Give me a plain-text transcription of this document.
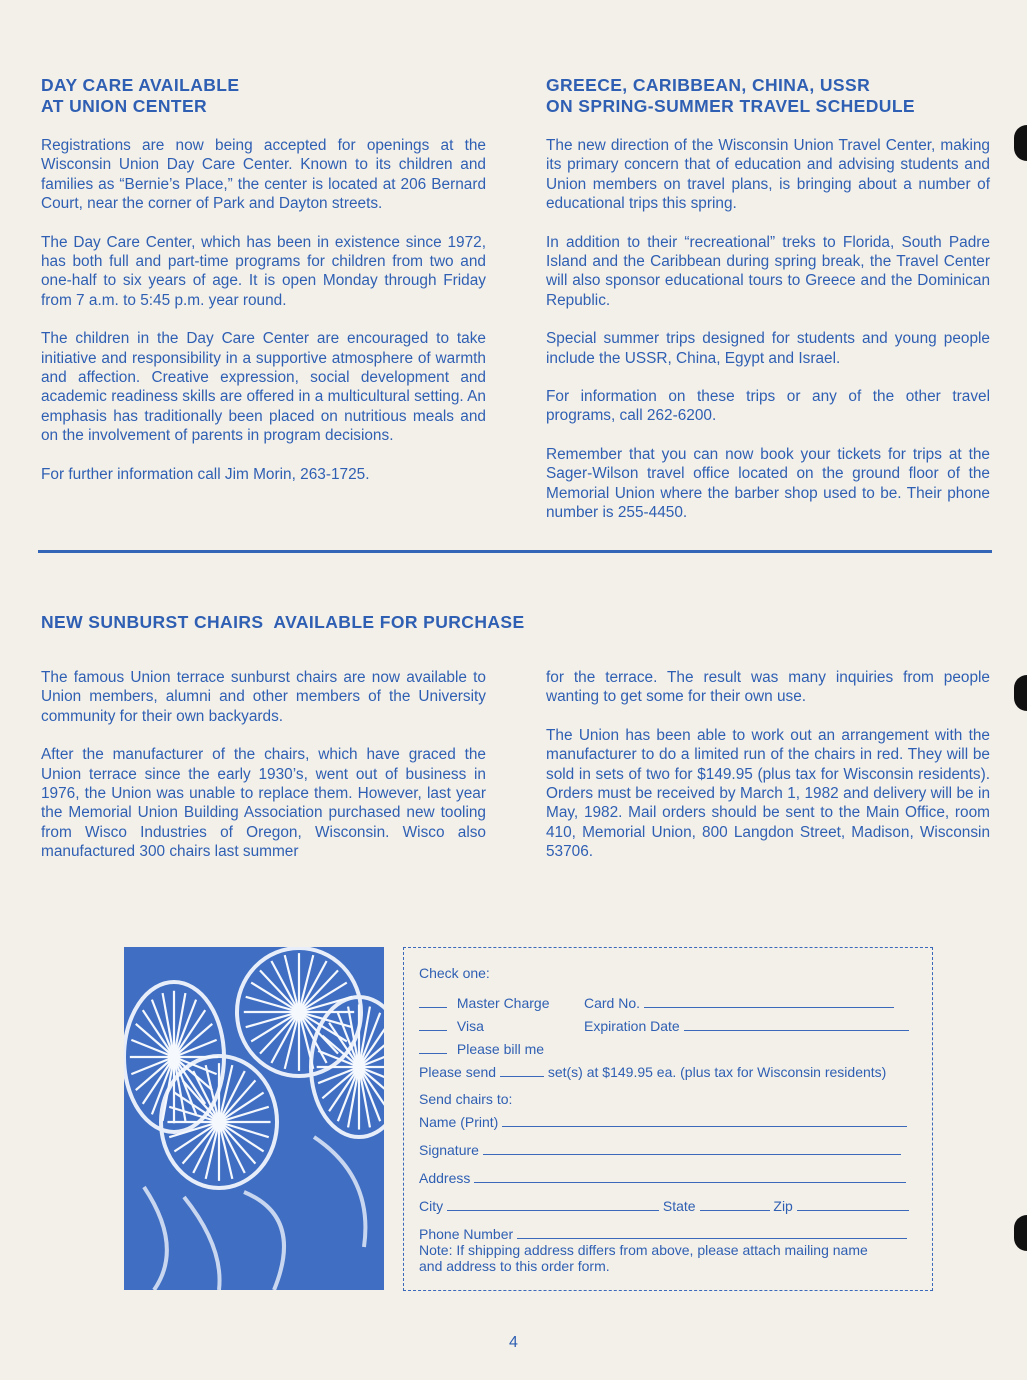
DAY CARE AVAILABLE
AT UNION CENTER

Registrations are now being accepted for openings at the Wisconsin Union Day Care Center. Known to its children and families as “Bernie’s Place,” the center is located at 206 Bernard Court, near the corner of Park and Dayton streets.

The Day Care Center, which has been in existence since 1972, has both full and part-time programs for children from two and one-half to six years of age. It is open Monday through Friday from 7 a.m. to 5:45 p.m. year round.

The children in the Day Care Center are encouraged to take initiative and responsibility in a supportive atmosphere of warmth and affection. Creative expression, social development and academic readiness skills are offered in a multicultural setting. An emphasis has traditionally been placed on nutritious meals and on the involvement of parents in program decisions.

For further information call Jim Morin, 263-1725.

GREECE, CARIBBEAN, CHINA, USSR
ON SPRING-SUMMER TRAVEL SCHEDULE

The new direction of the Wisconsin Union Travel Center, making its primary concern that of education and advising students and Union members on travel plans, is bringing about a number of educational trips this spring.

In addition to their “recreational” treks to Florida, South Padre Island and the Caribbean during spring break, the Travel Center will also sponsor educational tours to Greece and the Dominican Republic.

Special summer trips designed for students and young people include the USSR, China, Egypt and Israel.

For information on these trips or any of the other travel programs, call 262-6200.

Remember that you can now book your tickets for trips at the Sager-Wilson travel office located on the ground floor of the Memorial Union where the barber shop used to be. Their phone number is 255-4450.

NEW SUNBURST CHAIRS  AVAILABLE FOR PURCHASE

The famous Union terrace sunburst chairs are now available to Union members, alumni and other members of the University community for their own backyards.

After the manufacturer of the chairs, which have graced the Union terrace since the early 1930’s, went out of business in 1976, the Union was unable to replace them. However, last year the Memorial Union Building Association purchased new tooling from Wisco Industries of Oregon, Wisconsin. Wisco also manufactured 300 chairs last summer

for the terrace. The result was many inquiries from people wanting to get some for their own use.

The Union has been able to work out an arrangement with the manufacturer to do a limited run of the chairs in red. They will be sold in sets of two for $149.95 (plus tax for Wisconsin residents). Orders must be received by March 1, 1982 and delivery will be in May, 1982. Mail orders should be sent to the Main Office, room 410, Memorial Union, 800 Langdon Street, Madison, Wisconsin 53706.

Check one:
Master Charge Card No.
Visa	Expiration Date
Please bill me
Please send	set(s) at $149.95 ea. (plus tax for Wisconsin residents)
Send chairs to:
Name (Print)
Signature
Address
City	State	Zip
Phone Number
Note: If shipping address differs from above, please attach mailing name
and address to this order form.
4
